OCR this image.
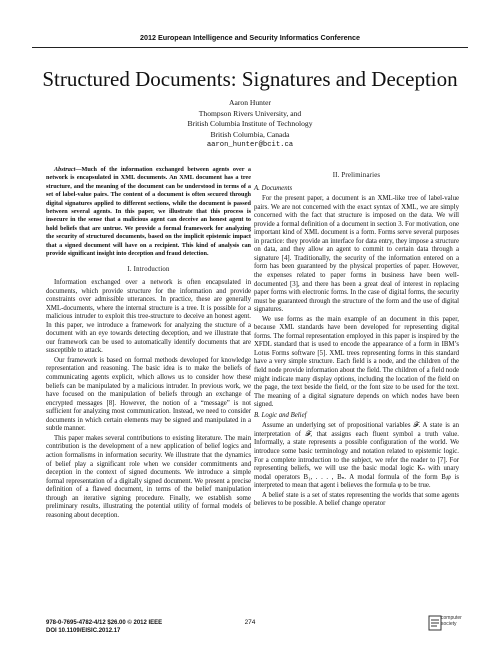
2012 European Intelligence and Security Informatics Conference
Structured Documents: Signatures and Deception
Aaron Hunter
Thompson Rivers University, and
British Columbia Institute of Technology
British Columbia, Canada
aaron_hunter@bcit.ca

Abstract—Much of the information exchanged between agents over a network is encapsulated in XML documents. An XML document has a tree structure, and the meaning of the document can be understood in terms of a set of label-value pairs. The content of a document is often secured through digital signatures applied to different sections, while the document is passed between several agents. In this paper, we illustrate that this process is insecure in the sense that a malicious agent can deceive an honest agent to hold beliefs that are untrue. We provide a formal framework for analyzing the security of structured documents, based on the implicit epistemic impact that a signed document will have on a recipient. This kind of analysis can provide significant insight into deception and fraud detection.

I. Introduction

Information exchanged over a network is often encapsulated in documents, which provide structure for the information and provide constraints over admissible utterances. In practice, these are generally XML-documents, where the internal structure is a tree. It is possible for a malicious intruder to exploit this tree-structure to deceive an honest agent. In this paper, we introduce a framework for analyzing the stucture of a document with an eye towards detecting deception, and we illustrate that our framework can be used to automatically identify documents that are susceptible to attack.

Our framework is based on formal methods developed for knowledge representation and reasoning. The basic idea is to make the beliefs of communicating agents explicit, which allows us to consider how these beliefs can be manipulated by a malicious intruder. In previous work, we have focused on the manipulation of beliefs through an exchange of encrypted messages [8]. However, the notion of a “message” is not sufficient for analyzing most communication. Instead, we need to consider documents in which certain elements may be signed and manipulated in a subtle manner.

This paper makes several contributions to existing literature. The main contribution is the development of a new application of belief logics and action formalisms in information security. We illustrate that the dynamics of belief play a significant role when we consider commitments and deception in the context of signed documents. We introduce a simple formal representation of a digitally signed document. We present a precise definition of a flawed document, in terms of the belief manipulation through an iterative signing procedure. Finally, we establish some preliminary results, illustrating the potential utility of formal models of reasoning about deception.

II. Preliminaries
A. Documents

For the present paper, a document is an XML-like tree of label-value pairs. We are not concerned with the exact syntax of XML, we are simply concerned with the fact that structure is imposed on the data. We will provide a formal definition of a document in section 3. For motivation, one important kind of XML document is a form. Forms serve several purposes in practice: they provide an interface for data entry, they impose a structure on data, and they allow an agent to commit to certain data through a signature [4]. Traditionally, the security of the information entered on a form has been guaranteed by the physical properties of paper. However, the expenses related to paper forms in business have been well-documented [3], and there has been a great deal of interest in replacing paper forms with electronic forms. In the case of digital forms, the security must be guaranteed through the structure of the form and the use of digital signatures.

We use forms as the main example of an document in this paper, because XML standards have been developed for representing digital forms. The formal representation employed in this paper is inspired by the XFDL standard that is used to encode the appearance of a form in IBM’s Lotus Forms software [5]. XML trees representing forms in this standard have a very simple structure. Each field is a node, and the children of the field node provide information about the field. The children of a field node might indicate many display options, including the location of the field on the page, the text beside the field, or the font size to be used for the text. The meaning of a digital signature depends on which nodes have been signed.

B. Logic and Belief

Assume an underlying set of propositional variables 𝓕. A state is an interpretation of 𝓕, that assigns each fluent symbol a truth value. Informally, a state represents a possible configuration of the world. We introduce some basic terminology and notation related to epistemic logic. For a complete introduction to the subject, we refer the reader to [7]. For representing beliefs, we will use the basic modal logic Kₙ with unary modal operators B₁, . . . , Bₙ. A modal formula of the form Bᵢφ is interpreted to mean that agent i believes the formula φ to be true.

A belief state is a set of states representing the worlds that some agents believes to be possible. A belief change operator

978-0-7695-4782-4/12 $26.00 © 2012 IEEE
DOI 10.1109/EISIC.2012.17
274
computer
society
